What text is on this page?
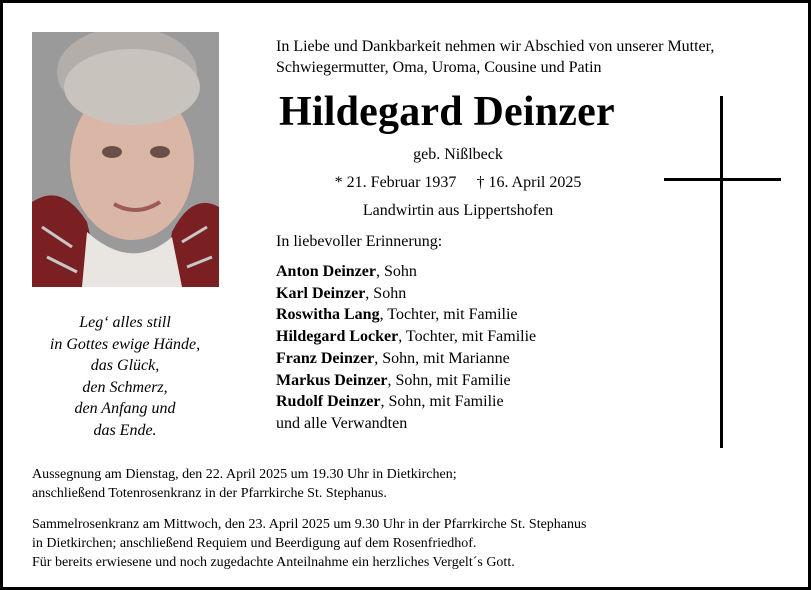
Leg‘ alles still
in Gottes ewige Hände,
das Glück,
den Schmerz,
den Anfang und
das Ende.
In Liebe und Dankbarkeit nehmen wir Abschied von unserer Mutter,
Schwiegermutter, Oma, Uroma, Cousine und Patin
Hildegard Deinzer
geb. Nißlbeck
* 21. Februar 1937 † 16. April 2025
Landwirtin aus Lippertshofen
In liebevoller Erinnerung:
Anton Deinzer, Sohn
Karl Deinzer, Sohn
Roswitha Lang, Tochter, mit Familie
Hildegard Locker, Tochter, mit Familie
Franz Deinzer, Sohn, mit Marianne
Markus Deinzer, Sohn, mit Familie
Rudolf Deinzer, Sohn, mit Familie
und alle Verwandten
Aussegnung am Dienstag, den 22. April 2025 um 19.30 Uhr in Dietkirchen;
anschließend Totenrosenkranz in der Pfarrkirche St. Stephanus.
Sammelrosenkranz am Mittwoch, den 23. April 2025 um 9.30 Uhr in der Pfarrkirche St. Stephanus
in Dietkirchen; anschließend Requiem und Beerdigung auf dem Rosenfriedhof.
Für bereits erwiesene und noch zugedachte Anteilnahme ein herzliches Vergelt´s Gott.
